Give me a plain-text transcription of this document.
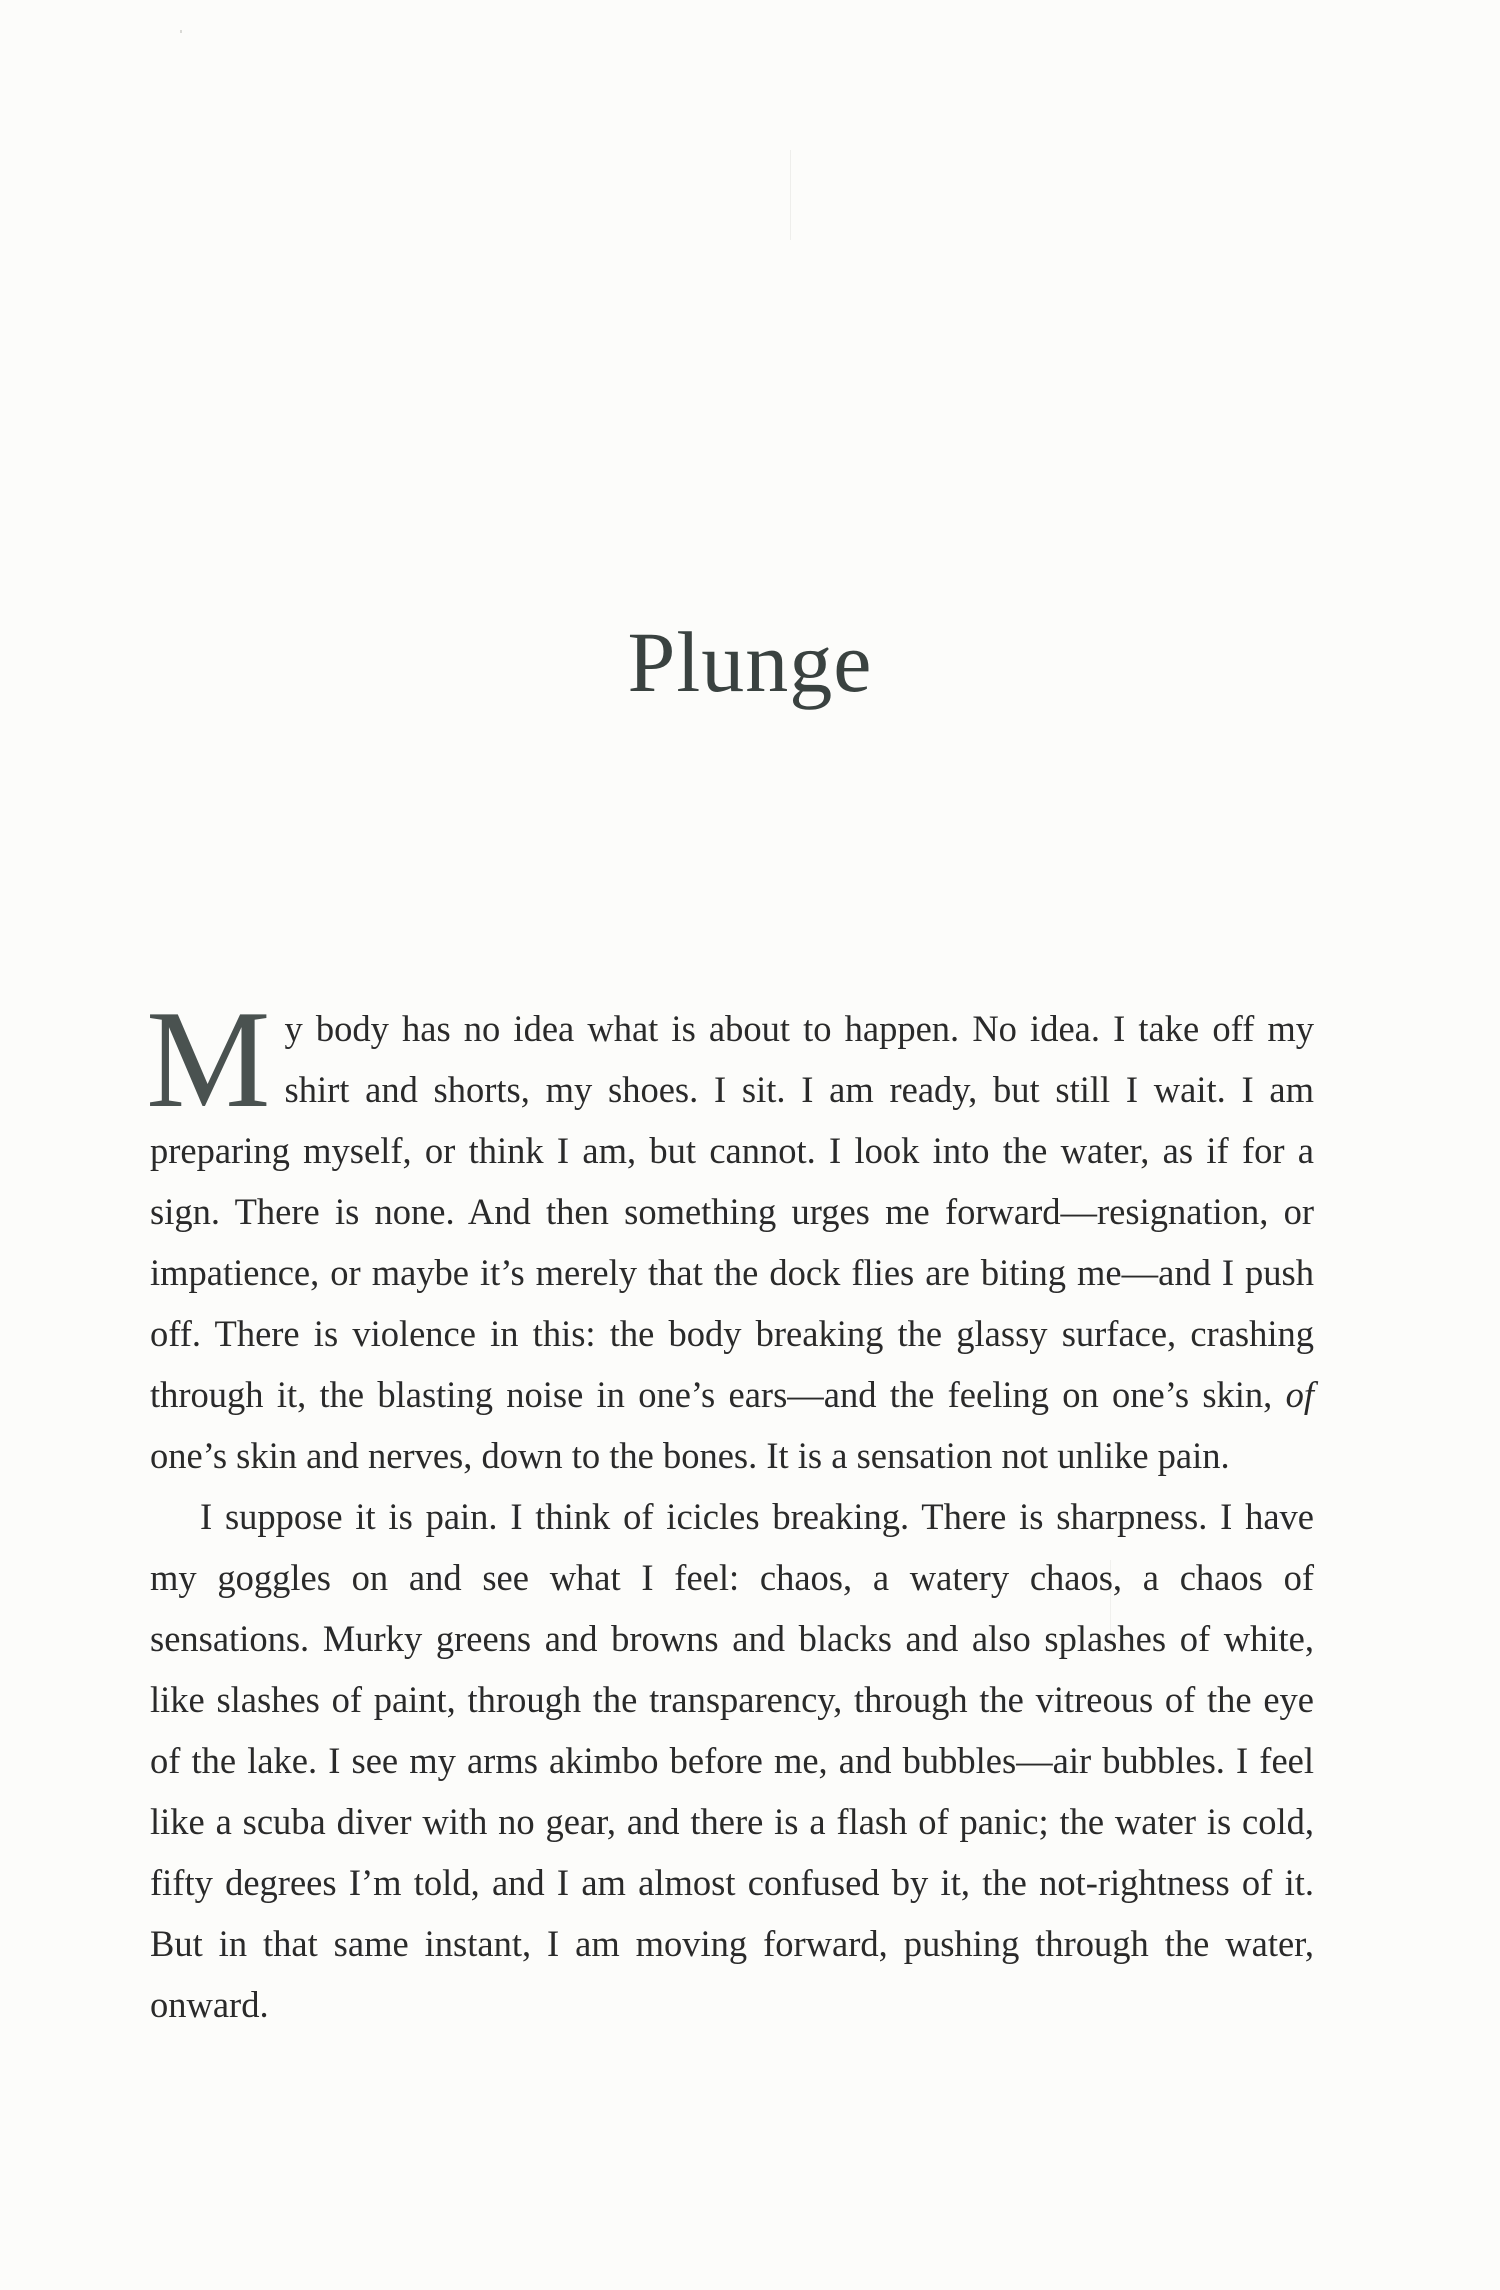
Plunge

My body has no idea what is about to happen. No idea. I take off my shirt and shorts, my shoes. I sit. I am ready, but still I wait. I am preparing myself, or think I am, but cannot. I look into the water, as if for a sign. There is none. And then something urges me forward—resignation, or impatience, or maybe it’s merely that the dock flies are biting me—and I push off. There is violence in this: the body breaking the glassy surface, crashing through it, the blasting noise in one’s ears—and the feeling on one’s skin, of one’s skin and nerves, down to the bones. It is a sensation not unlike pain.

I suppose it is pain. I think of icicles breaking. There is sharpness. I have my goggles on and see what I feel: chaos, a watery chaos, a chaos of sensations. Murky greens and browns and blacks and also splashes of white, like slashes of paint, through the transparency, through the vitreous of the eye of the lake. I see my arms akimbo before me, and bubbles—air bubbles. I feel like a scuba diver with no gear, and there is a flash of panic; the water is cold, fifty degrees I’m told, and I am almost confused by it, the not-rightness of it. But in that same instant, I am moving forward, pushing through the water, onward.
